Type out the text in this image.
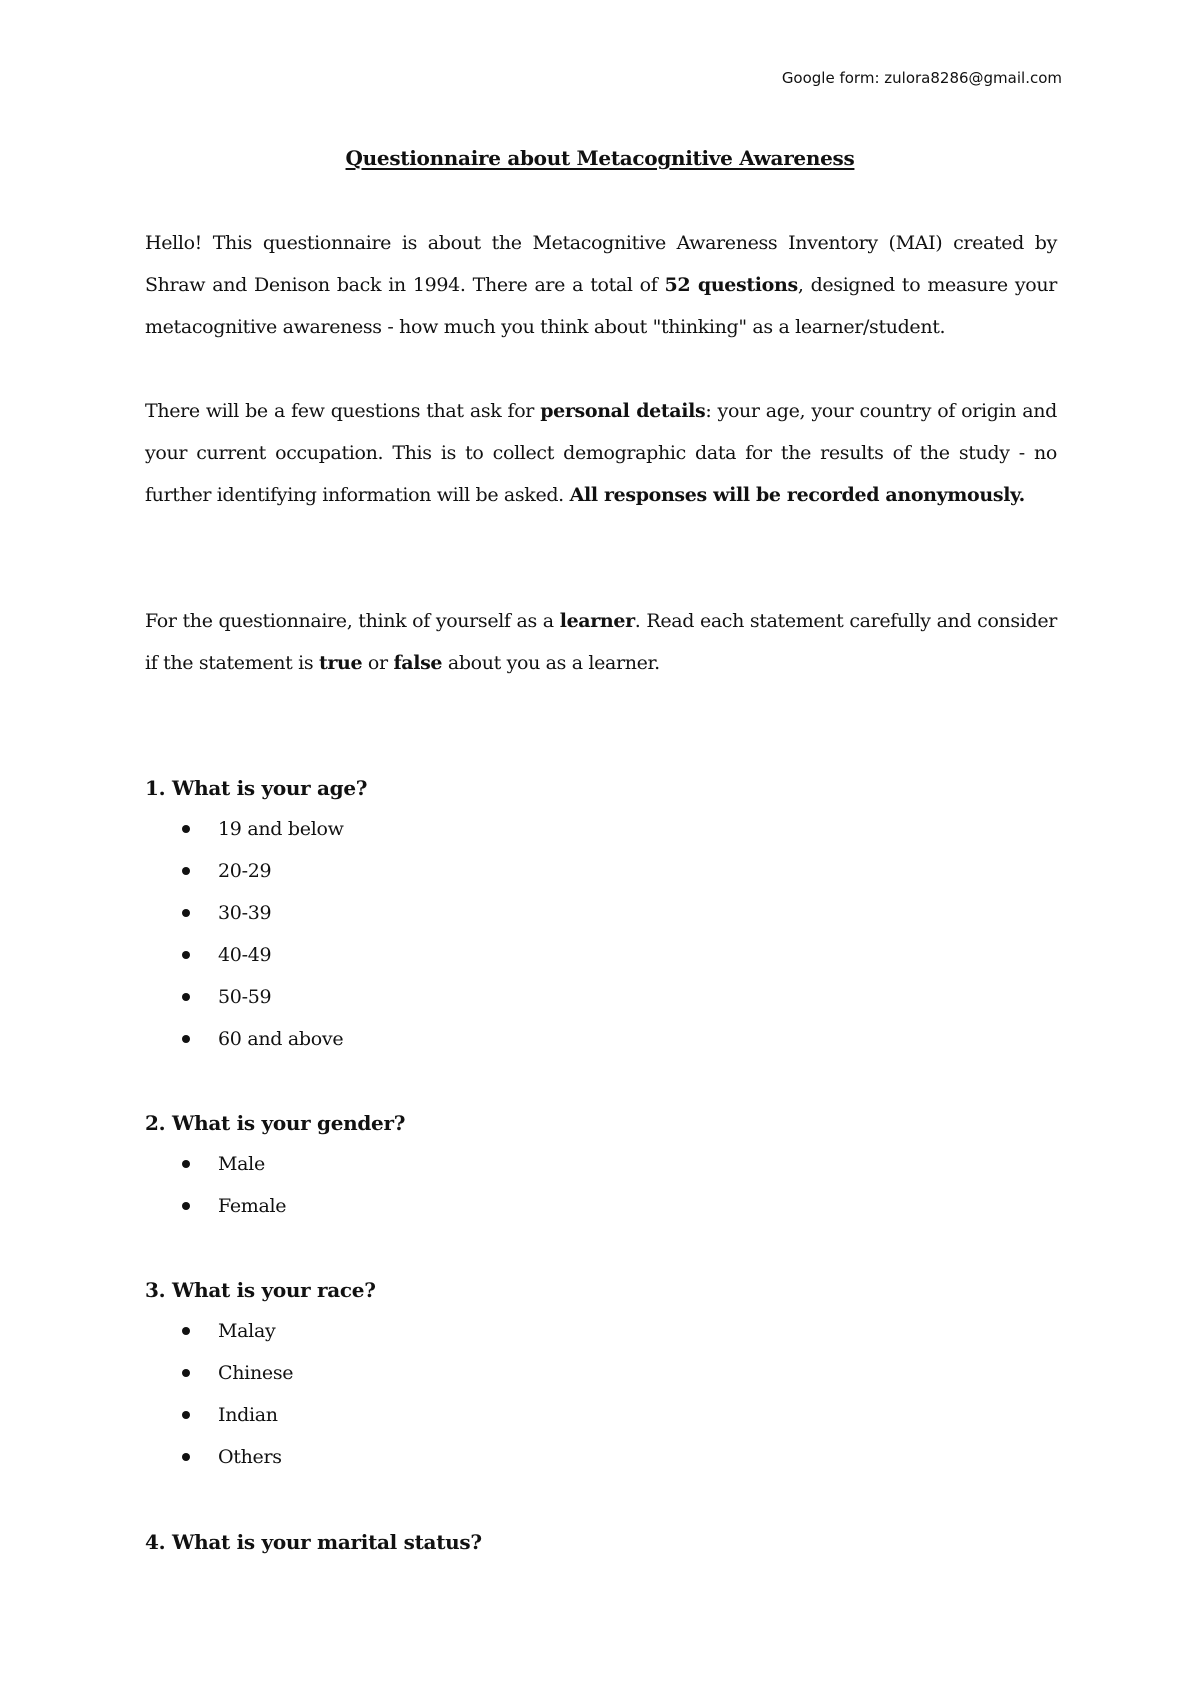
Google form: zulora8286@gmail.com
Questionnaire about Metacognitive Awareness

Hello! This questionnaire is about the Metacognitive Awareness Inventory (MAI) created by Shraw and Denison back in 1994. There are a total of 52 questions, designed to measure your metacognitive awareness - how much you think about "thinking" as a learner/student.

There will be a few questions that ask for personal details: your age, your country of origin and your current occupation. This is to collect demographic data for the results of the study - no further identifying information will be asked. All responses will be recorded anonymously.

For the questionnaire, think of yourself as a learner. Read each statement carefully and consider if the statement is true or false about you as a learner.

1. What is your age?

19 and below
20-29
30-39
40-49
50-59
60 and above

2. What is your gender?

Male
Female

3. What is your race?

Malay
Chinese
Indian
Others

4. What is your marital status?
